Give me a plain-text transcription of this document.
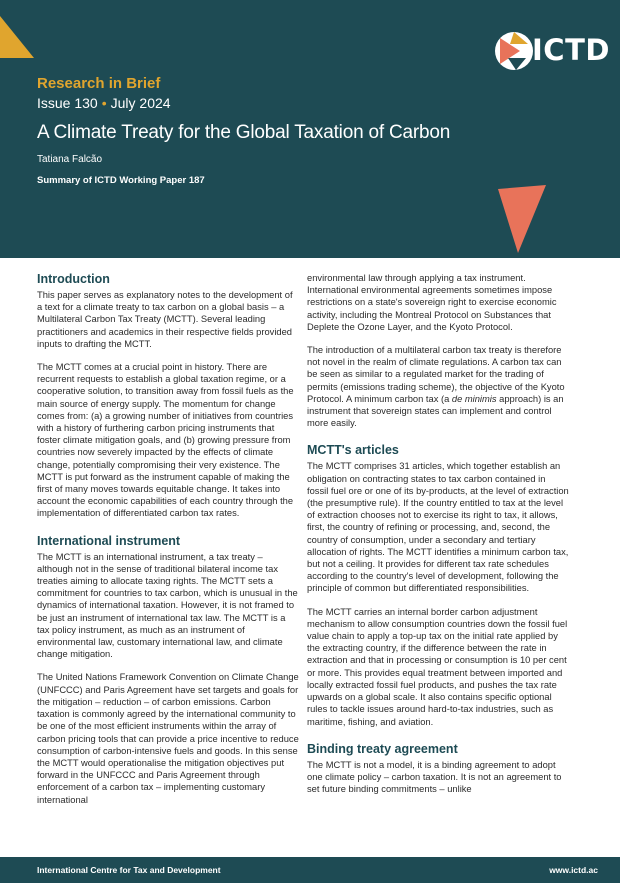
ICTD
Research in Brief
Issue 130 • July 2024
A Climate Treaty for the Global Taxation of Carbon
Tatiana Falcão
Summary of ICTD Working Paper 187
Introduction

This paper serves as explanatory notes to the development of a text for a climate treaty to tax carbon on a global basis – a Multilateral Carbon Tax Treaty (MCTT). Several leading practitioners and academics in their respective fields provided inputs to drafting the MCTT.

The MCTT comes at a crucial point in history. There are recurrent requests to establish a global taxation regime, or a cooperative solution, to transition away from fossil fuels as the main source of energy supply. The momentum for change comes from: (a) a growing number of initiatives from countries with a history of furthering carbon pricing instruments that foster climate mitigation goals, and (b) growing pressure from countries now severely impacted by the effects of climate change, potentially compromising their very existence. The MCTT is put forward as the instrument capable of making the first of many moves towards equitable change. It takes into account the economic capabilities of each country through the implementation of differentiated carbon tax rates.

International instrument

The MCTT is an international instrument, a tax treaty – although not in the sense of traditional bilateral income tax treaties aiming to allocate taxing rights. The MCTT sets a commitment for countries to tax carbon, which is unusual in the dynamics of international taxation. However, it is not framed to be just an instrument of international tax law. The MCTT is a tax policy instrument, as much as an instrument of environmental law, customary international law, and climate change mitigation.

The United Nations Framework Convention on Climate Change (UNFCCC) and Paris Agreement have set targets and goals for the mitigation – reduction – of carbon emissions. Carbon taxation is commonly agreed by the international community to be one of the most efficient instruments within the array of carbon pricing tools that can provide a price incentive to reduce consumption of carbon-intensive fuels and goods. In this sense the MCTT would operationalise the mitigation objectives put forward in the UNFCCC and Paris Agreement through enforcement of a carbon tax – implementing customary international

environmental law through applying a tax instrument. International environmental agreements sometimes impose restrictions on a state's sovereign right to exercise economic activity, including the Montreal Protocol on Substances that Deplete the Ozone Layer, and the Kyoto Protocol.

The introduction of a multilateral carbon tax treaty is therefore not novel in the realm of climate regulations. A carbon tax can be seen as similar to a regulated market for the trading of permits (emissions trading scheme), the objective of the Kyoto Protocol. A minimum carbon tax (a de minimis approach) is an instrument that sovereign states can implement and control more easily.

MCTT's articles

The MCTT comprises 31 articles, which together establish an obligation on contracting states to tax carbon contained in fossil fuel ore or one of its by-products, at the level of extraction (the presumptive rule). If the country entitled to tax at the level of extraction chooses not to exercise its right to tax, it allows, first, the country of refining or processing, and, second, the country of consumption, under a secondary and tertiary allocation of rights. The MCTT identifies a minimum carbon tax, but not a ceiling. It provides for different tax rate schedules according to the country's level of development, following the principle of common but differentiated responsibilities.

The MCTT carries an internal border carbon adjustment mechanism to allow consumption countries down the fossil fuel value chain to apply a top-up tax on the initial rate applied by the extracting country, if the difference between the rate in extraction and that in processing or consumption is 10 per cent or more. This provides equal treatment between imported and locally extracted fossil fuel products, and pushes the tax rate upwards on a global scale. It also contains specific optional rules to tackle issues around hard-to-tax industries, such as maritime, fishing, and aviation.

Binding treaty agreement

The MCTT is not a model, it is a binding agreement to adopt one climate policy – carbon taxation. It is not an agreement to set future binding commitments – unlike

International Centre for Tax and Development	www.ictd.ac
